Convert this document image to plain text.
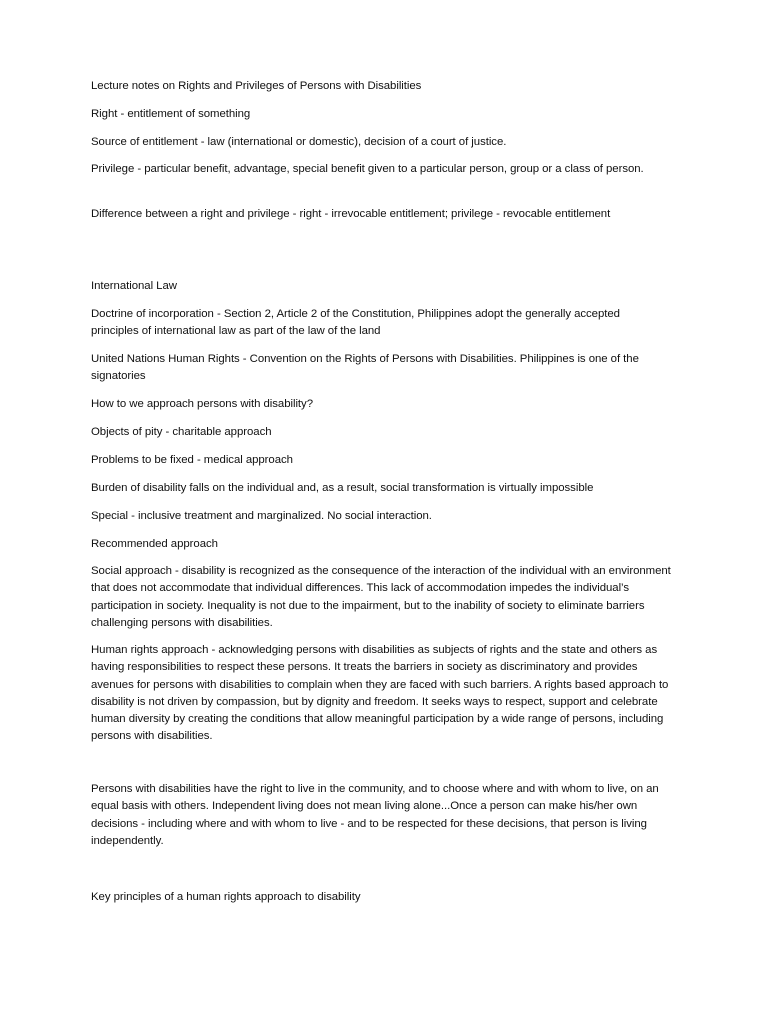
Lecture notes on Rights and Privileges of Persons with Disabilities

Right - entitlement of something

Source of entitlement - law (international or domestic), decision of a court of justice.

Privilege - particular benefit, advantage, special benefit given to a particular person, group or a class of person.

Difference between a right and privilege - right - irrevocable entitlement; privilege - revocable entitlement

International Law

Doctrine of incorporation - Section 2, Article 2 of the Constitution, Philippines adopt the generally accepted principles of international law as part of the law of the land

United Nations Human Rights - Convention on the Rights of Persons with Disabilities. Philippines is one of the signatories

How to we approach persons with disability?

Objects of pity - charitable approach

Problems to be fixed - medical approach

Burden of disability falls on the individual and, as a result, social transformation is virtually impossible

Special - inclusive treatment and marginalized. No social interaction.

Recommended approach

Social approach - disability is recognized as the consequence of the interaction of the individual with an environment that does not accommodate that individual differences. This lack of accommodation impedes the individual’s participation in society. Inequality is not due to the impairment, but to the inability of society to eliminate barriers challenging persons with disabilities.

Human rights approach - acknowledging persons with disabilities as subjects of rights and the state and others as having responsibilities to respect these persons. It treats the barriers in society as discriminatory and provides avenues for persons with disabilities to complain when they are faced with such barriers. A rights based approach to disability is not driven by compassion, but by dignity and freedom. It seeks ways to respect, support and celebrate human diversity by creating the conditions that allow meaningful participation by a wide range of persons, including persons with disabilities.

Persons with disabilities have the right to live in the community, and to choose where and with whom to live, on an equal basis with others. Independent living does not mean living alone...Once a person can make his/her own decisions - including where and with whom to live - and to be respected for these decisions, that person is living independently.

Key principles of a human rights approach to disability
